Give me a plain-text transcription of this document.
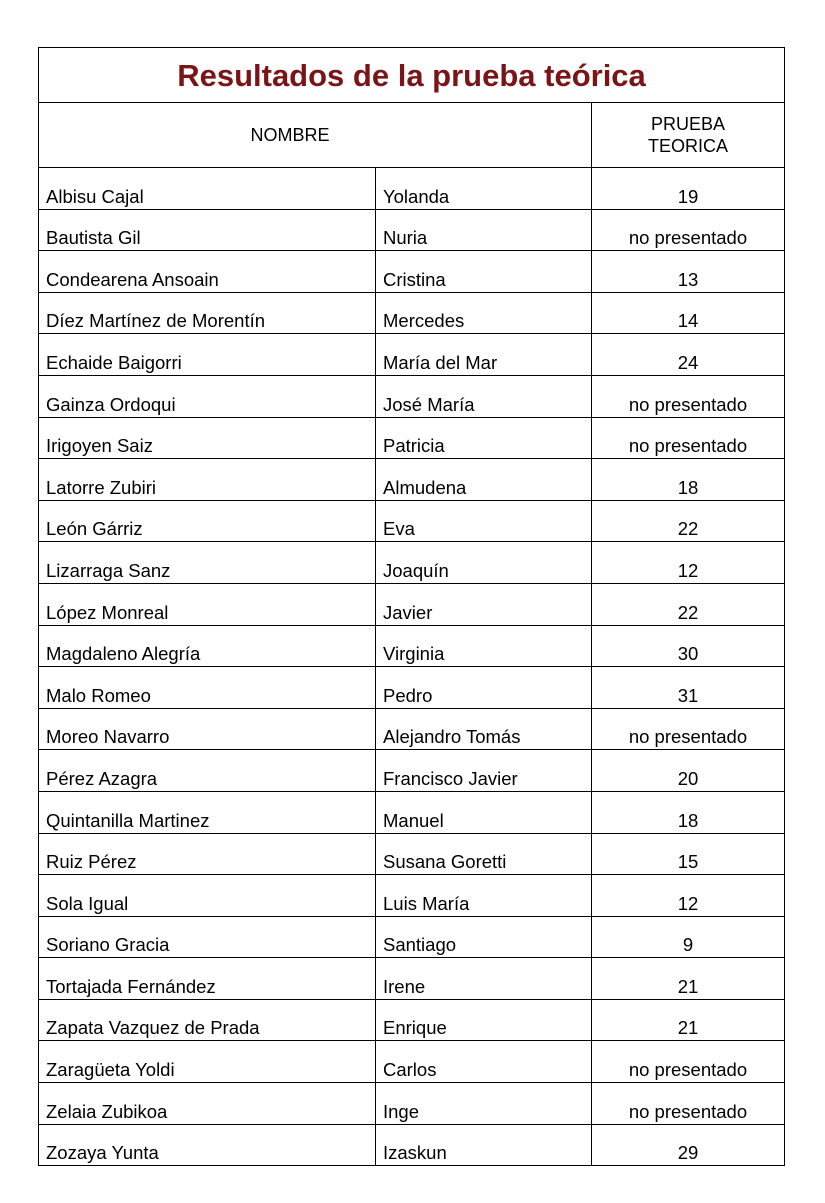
Resultados de la prueba teórica		
NOMBRE		PRUEBA
TEORICA

Albisu Cajal	Yolanda	19
Bautista Gil	Nuria	no presentado
Condearena Ansoain	Cristina	13
Díez Martínez de Morentín	Mercedes	14
Echaide Baigorri	María del Mar	24
Gainza Ordoqui	José María	no presentado
Irigoyen Saiz	Patricia	no presentado
Latorre Zubiri	Almudena	18
León Gárriz	Eva	22
Lizarraga Sanz	Joaquín	12
López Monreal	Javier	22
Magdaleno Alegría	Virginia	30
Malo Romeo	Pedro	31
Moreo Navarro	Alejandro Tomás	no presentado
Pérez Azagra	Francisco Javier	20
Quintanilla Martinez	Manuel	18
Ruiz Pérez	Susana Goretti	15
Sola Igual	Luis María	12
Soriano Gracia	Santiago	9
Tortajada Fernández	Irene	21
Zapata Vazquez de Prada	Enrique	21
Zaragüeta Yoldi	Carlos	no presentado
Zelaia Zubikoa	Inge	no presentado
Zozaya Yunta	Izaskun	29
